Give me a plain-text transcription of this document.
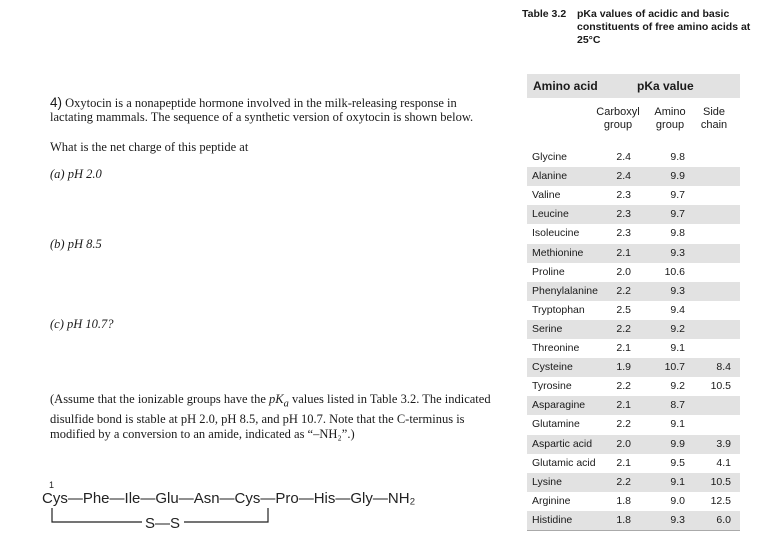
4) Oxytocin is a nonapeptide hormone involved in the milk-releasing response in lactating mammals. The sequence of a synthetic version of oxytocin is shown below.
What is the net charge of this peptide at
(a) pH 2.0
(b) pH 8.5
(c) pH 10.7?
(Assume that the ionizable groups have the $pK_a$ values listed in Table 3.2. The indicated disulfide bond is stable at pH 2.0, pH 8.5, and pH 10.7. Note that the C-terminus is modified by a conversion to an amide, indicated as “–NH₂”.)
1
Cys—Phe—Ile—Glu—Asn—Cys—Pro—His—Gly—NH₂
S—S
Table 3.2 pKa values of acidic and basic constituents of free amino acids at 25°C
Amino acid	pKa value
Carboxyl group
Amino group
Side chain
Glycine	2.4	9.8
Alanine	2.4	9.9
Valine	2.3	9.7
Leucine	2.3	9.7
Isoleucine	2.3	9.8
Methionine	2.1	9.3
Proline	2.0	10.6
Phenylalanine	2.2	9.3
Tryptophan	2.5	9.4
Serine	2.2	9.2
Threonine	2.1	9.1
Cysteine	1.9	10.7	8.4
Tyrosine	2.2	9.2	10.5
Asparagine	2.1	8.7
Glutamine	2.2	9.1
Aspartic acid	2.0	9.9	3.9
Glutamic acid	2.1	9.5	4.1
Lysine	2.2	9.1	10.5
Arginine	1.8	9.0	12.5
Histidine	1.8	9.3	6.0
